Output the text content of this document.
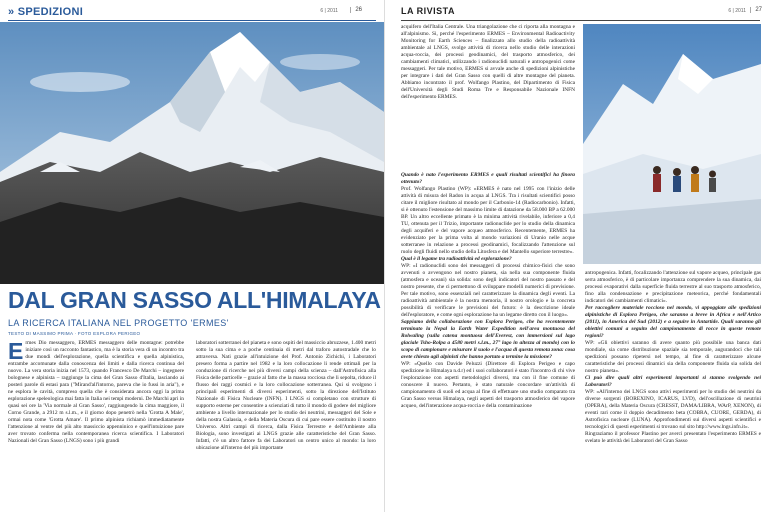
» SPEDIZIONI	6 | 2011	26
DAL GRAN SASSO ALL'HIMALAYA
LA RICERCA ITALIANA NEL PROGETTO 'ERMES'
TESTO DI MASSIMO PRIMA · FOTO ESPLORA PERIGEO
E rmes Dio messaggero, ERMES messaggero delle montagne: potrebbe iniziare così un racconto fantastico, ma è la storia vera di un incontro tra due mondi dell'esplorazione, quella scientifica e quella alpinistica, entrambe accomunate dalla conoscenza dei limiti e dalla ricerca continua del nuovo. La vera storia inizia nel 1573, quando Francesco De Marchi – ingegnere bolognese e alpinista – raggiunge la cima del Gran Sasso d'Italia, lasciando ai posteri parole di estasi para ("Mirand'all'intorno, pareva che io fussi in aria"), e ne esplora le cavità, compreso quella che è considerata ancora oggi la prima esplorazione speleologica mai fatta in Italia nei tempi moderni. De Marchi apri in quasi sei ore la 'Via normale al Gran Sasso', raggiungendo la cima maggiore, il Corno Grande, a 2912 m s.l.m., e il giorno dopo penetrò nella 'Grotta A Male', ormai nota come 'Grotta Amare'. Il primo alpinista richiamò immediatamente l'attenzione al ventre del più alto massiccio appenninico e quell'intuizione pare aver trovato conferma nella contemporanea ricerca scientifica. I Laboratori Nazionali del Gran Sasso (LNGS) sono i più grandi

laboratori sotterranei del pianeta e sono ospiti del massiccio abruzzese, 1.400 metri sotto la sua cima e a poche centinaia di metri dal traforo autostradale che lo attraversa. Nati grazie all'intuizione del Prof. Antonio Zichichi, i Laboratori presero forma a partire nel 1982 e la loro collocazione li rende ottimali per la conduzione di ricerche nei più diversi campi della scienza – dall'Astrofisica alla Fisica delle particelle – grazie al fatto che la massa rocciosa che li sepolta, riduce il flusso dei raggi cosmici e la loro collocazione sotterranea. Qui si svolgono i principali esperimenti di diversi esperimenti, sotto la direzione dell'Istituto Nazionale di Fisica Nucleare (INFN). I LNGS si completano con strutture di supporto esterne per consentire a scienziati di tutto il mondo di godere del migliore ambiente a livello internazionale per lo studio dei neutrini, messaggeri del Sole e della nostra Galassia, e della Materia Oscura di cui pare essere costituito il nostro Universo. Altri campi di ricerca, dalla Fisica Terrestre e dell'Ambiente alla Biologia, sono investigati ai LNGS grazie alle caratteristiche del Gran Sasso. Infatti, c'è un altro fattore fa dei Laboratori un centro unico al mondo: la loro ubicazione all'interno del più importante

LA RIVISTA	6 | 2011	27

acquifero dell'Italia Centrale. Una triangolazione che ci riporta alla montagna e all'alpinismo. Si, perché l'esperimento ERMES – Environmental Radioactivity Monitoring for Earth Sciences – finalizzato allo studio della radioattività ambientale al LNGS, svolge attività di ricerca nello studio delle interazioni acqua-roccia, dei processi geodinamici, del trasporto atmosferico, dei cambiamenti climatici, utilizzando i radionuclidi naturali e antropogenici come messaggeri. Per tale motivo, ERMES si avvale anche di spedizioni alpinistiche per integrare i dati del Gran Sasso con quelli di altre montagne del pianeta. Abbiamo incontrato il prof. Wolfango Plastino, del Dipartimento di Fisica dell'Università degli Studi Roma Tre e Responsabile Nazionale INFN dell'esperimento ERMES.

Quando è nato l'esperimento ERMES e quali risultati scientifici ha finora ottenuto?

Prof. Wolfango Plastino (WP): «ERMES è nato nel 1995 con l'inizio delle attività di misura del Radon in acqua al LNGS. Tra i risultati scientifici posso citare il migliore risultato al mondo per il Carbonio-14 (Radiocarbonio). Infatti, si è ottenuto l'estensione del massimo limite di datazione da 58.000 BP a 62.000 BP. Un altro eccellente primato è la minima attività rivelabile, inferiore a 0,4 TU, ottenuta per il Trizio, importante radionuclide per lo studio della dinamica degli acquiferi e del vapore acqueo atmosferico. Recentemente, ERMES ha evidenziato per la prima volta al mondo variazioni di Uranio nelle acque sotterranee in relazione a processi geodinamici, focalizzando l'attenzione sul ruolo degli fluidi nello studio della Litosfera e del Mantello superiore terrestre».

Qual è il legame tra radioattività ed esplorazione?

WP: «I radionuclidi sono dei messaggeri di processi chimico-fisici che sono avvenuti o avvengono nel nostro pianeta, sia nella sua componente fluida (atmosfera e oceani) sia solida: sono degli indicatori del nostro passato e del nostro presente, che ci permettono di sviluppare modelli numerici di previsione. Per tale motivo, sono essenziali nel caratterizzare la dinamica degli eventi. La radioattività ambientale è la nostra memoria, il nostro orologio e la concreta possibilità di verificare le previsioni del futuro: è la descrizione ideale dell'esploratore, e come ogni esplorazione ha un legame diretto con il luogo».

Sappiamo della collaborazione con Esplora Perigeo, che ha recentemente terminato la Nepal la Earth Water Expedition nell'area montuosa del Rolwaling (sulla catena montuosa dell'Everest, con immersioni sul lago glaciale Tsho-Rolpa a 4580 metri s.l.m., 27° lago in altezza al mondo) con lo scopo di campionare e misurare il suolo e l'acqua di questa remota zona: cosa avete chiesto agli alpinisti che hanno portato a termine la missione?

WP: «Quello con Davide Peluzzi (Direttore di Esplora Perigeo e capo spedizione in Himalaya n.d.r) ed i suoi collaboratori è stato l'incontro di chi vive l'esplorazione con aspetti metodologici diversi, ma con il fine comune di conoscere il nuovo. Pertanto, è stato naturale concordare un'attività di campionamento di suoli ed acqua al fine di effettuare uno studio comparato tra Gran Sasso versus Himalaya, negli aspetti del trasporto atmosferico del vapore acqueo, dell'interazione acqua-roccia e della contaminazione

antropogenica. Infatti, focalizzando l'attenzione sul vapore acqueo, principale gas serra atmosferico, è di particolare importanza comprendere la sua dinamica, dai processi evaporativi dalla superficie fluida terrestre al suo trasporto atmosferico, fino alla condensazione e precipitazione meteorica, perché fondamentali indicatori dei cambiamenti climatici».

Per raccogliere materiale roccioso nel mondo, vi appoggiate alle spedizioni alpinistiche di Esplora Perigeo, che saranno a breve in Africa e nell'Artico (2011), in America del Sud (2012) e a seguire in Antartide. Quali saranno gli obiettivi comuni a seguito del campionamento di rocce in queste remote regioni?

WP: «Gli obiettivi saranno di avere quanto più possibile una banca dati mondiale, sia come distribuzione spaziale sia temporale, augurandoci che tali spedizioni possano ripetersi nel tempo, al fine di caratterizzare alcune caratteristiche dei processi dinamici sia della componente fluida sia solida del nostro pianeta».

Ci può dire quali altri esperimenti importanti si stanno svolgendo nei Laboratori?

WP: «All'interno dei LNGS sono attivi esperimenti per lo studio dei neutrini da diverse sorgenti (BOREXINO, ICARUS, LVD), dell'oscillazione di neutrini (OPERA), della Materia Oscura (CRESST, DAMA/LIBRA, WArP, XENON), di eventi rari come il doppio decadimento beta (COBRA, CUORE, GERDA), di Astrofisica nucleare (LUNA). Approfondimenti sui diversi aspetti scientifici e tecnologici di questi esperimenti si trovano sul sito http://www.lngs.infn.it».

Ringraziamo il professor Plastino per averci presentato l'esperimento ERMES e svelato le attività dei Laboratori del Gran Sasso
